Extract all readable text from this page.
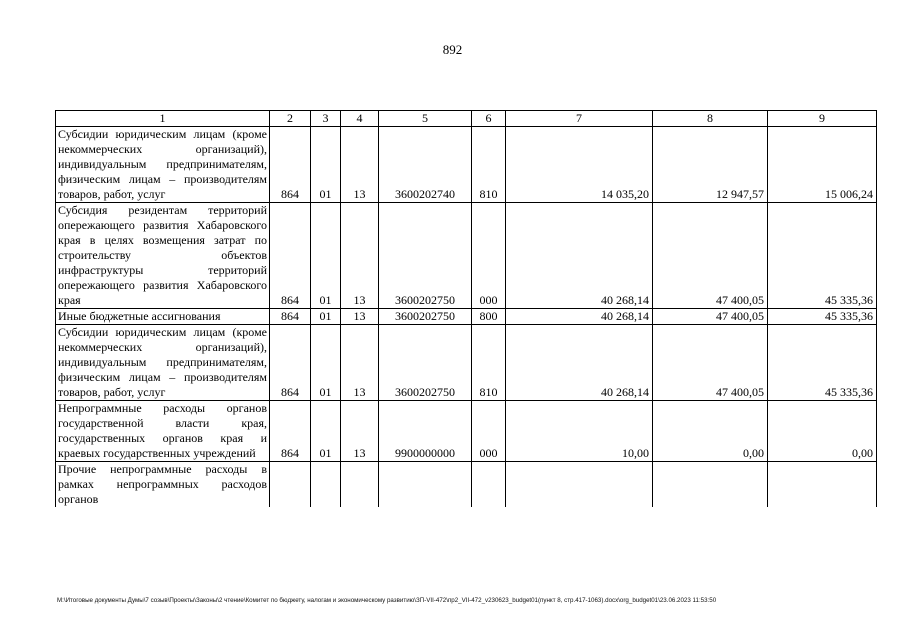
892
1	2	3	4	5	6	7	8	9
Субсидии юридическим лицам (кроме некоммерческих организаций), индивидуальным предпринимателям, физическим лицам – производителям товаров, работ, услуг	864	01	13	3600202740	810	14 035,20	12 947,57	15 006,24
Субсидия резидентам территорий опережающего развития Хабаровского края в целях возмещения затрат по строительству объектов инфраструктуры территорий опережающего развития Хабаровского края	864	01	13	3600202750	000	40 268,14	47 400,05	45 335,36
Иные бюджетные ассигнования	864	01	13	3600202750	800	40 268,14	47 400,05	45 335,36
Субсидии юридическим лицам (кроме некоммерческих организаций), индивидуальным предпринимателям, физическим лицам – производителям товаров, работ, услуг	864	01	13	3600202750	810	40 268,14	47 400,05	45 335,36
Непрограммные расходы органов государственной власти края, государственных органов края и краевых государственных учреждений	864	01	13	9900000000	000	10,00	0,00	0,00
Прочие непрограммные расходы в рамках непрограммных расходов органов								
M:\Итоговые документы Думы\7 созыв\Проекты\Законы\2 чтение\Комитет по бюджету, налогам и экономическому развитию\ЗП-VII-472\пр2_VII-472_v230623_budget01(пункт 8, стр.417-1063).docx\org_budget01\23.06.2023 11:53:50
